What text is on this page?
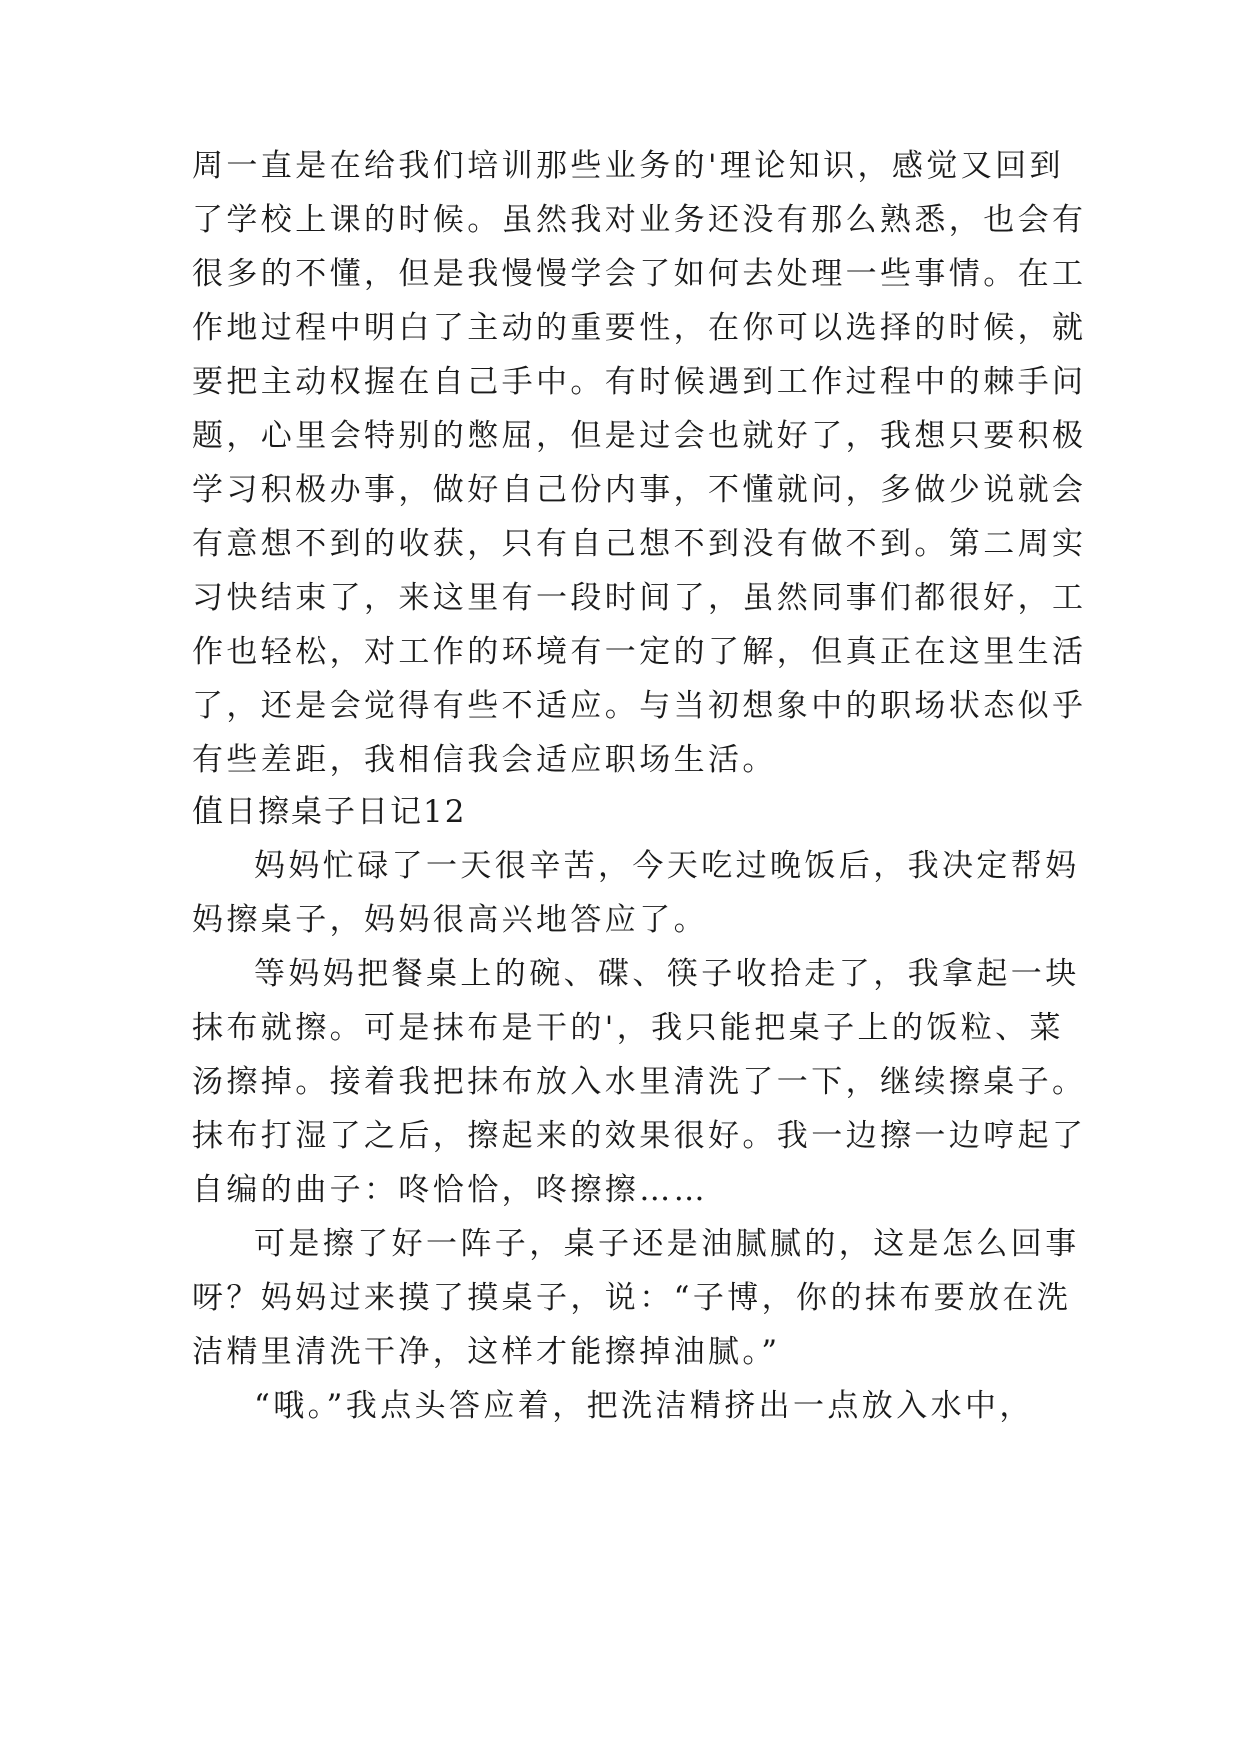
周一直是在给我们培训那些业务的'理论知识，感觉又回到
了学校上课的时候。虽然我对业务还没有那么熟悉，也会有
很多的不懂，但是我慢慢学会了如何去处理一些事情。在工
作地过程中明白了主动的重要性，在你可以选择的时候，就
要把主动权握在自己手中。有时候遇到工作过程中的棘手问
题，心里会特别的憋屈，但是过会也就好了，我想只要积极
学习积极办事，做好自己份内事，不懂就问，多做少说就会
有意想不到的收获，只有自己想不到没有做不到。第二周实
习快结束了，来这里有一段时间了，虽然同事们都很好，工
作也轻松，对工作的环境有一定的了解，但真正在这里生活
了，还是会觉得有些不适应。与当初想象中的职场状态似乎
有些差距，我相信我会适应职场生活。
值日擦桌子日记12
妈妈忙碌了一天很辛苦，今天吃过晚饭后，我决定帮妈
妈擦桌子，妈妈很高兴地答应了。
等妈妈把餐桌上的碗、碟、筷子收拾走了，我拿起一块
抹布就擦。可是抹布是干的'，我只能把桌子上的饭粒、菜
汤擦掉。接着我把抹布放入水里清洗了一下，继续擦桌子。
抹布打湿了之后，擦起来的效果很好。我一边擦一边哼起了
自编的曲子：咚恰恰，咚擦擦……
可是擦了好一阵子，桌子还是油腻腻的，这是怎么回事
呀？妈妈过来摸了摸桌子，说：“子博，你的抹布要放在洗
洁精里清洗干净，这样才能擦掉油腻。”
“哦。”我点头答应着，把洗洁精挤出一点放入水中，
